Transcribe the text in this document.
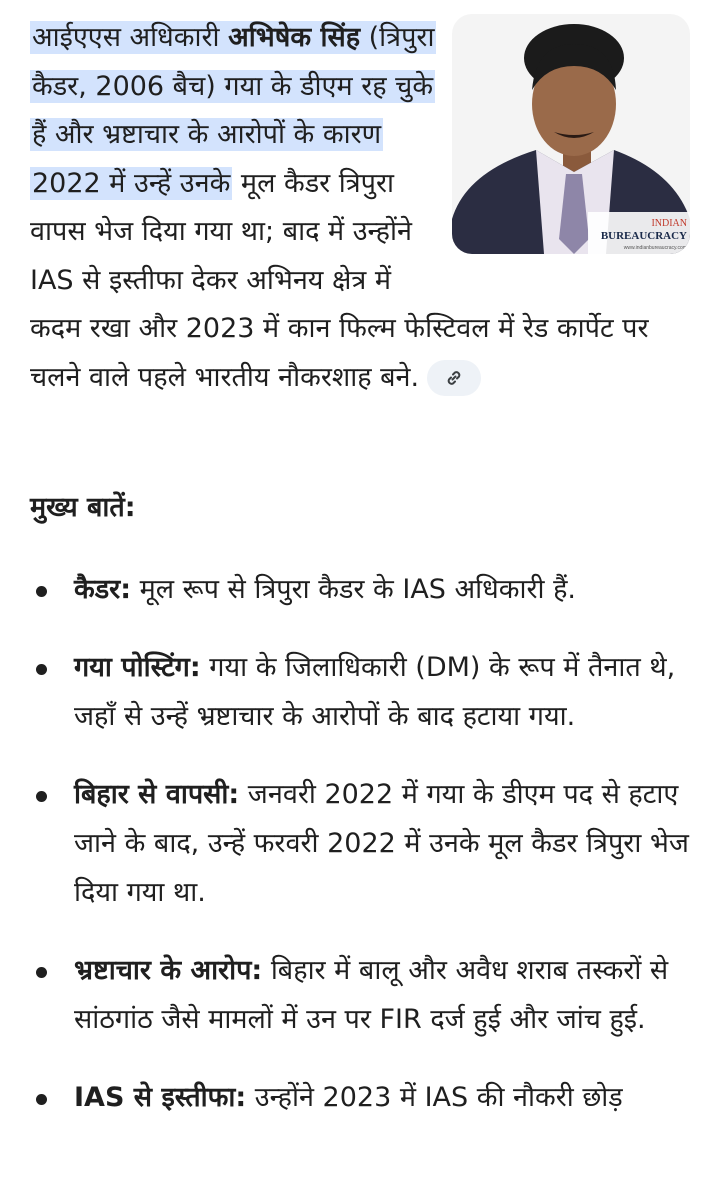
INDIAN
BUREAUCRACY
www.indianbureaucracy.com
आईएएस अधिकारी अभिषेक सिंह (त्रिपुरा कैडर, 2006 बैच) गया के डीएम रह चुके हैं और भ्रष्टाचार के आरोपों के कारण 2022 में उन्हें उनके मूल कैडर त्रिपुरा वापस भेज दिया गया था; बाद में उन्होंने IAS से इस्तीफा देकर अभिनय क्षेत्र में कदम रखा और 2023 में कान फिल्म फेस्टिवल में रेड कार्पेट पर चलने वाले पहले भारतीय नौकरशाह बने.

मुख्य बातें:

कैडर: मूल रूप से त्रिपुरा कैडर के IAS अधिकारी हैं.
गया पोस्टिंग: गया के जिलाधिकारी (DM) के रूप में तैनात थे, जहाँ से उन्हें भ्रष्टाचार के आरोपों के बाद हटाया गया.
बिहार से वापसी: जनवरी 2022 में गया के डीएम पद से हटाए जाने के बाद, उन्हें फरवरी 2022 में उनके मूल कैडर त्रिपुरा भेज दिया गया था.
भ्रष्टाचार के आरोप: बिहार में बालू और अवैध शराब तस्करों से सांठगांठ जैसे मामलों में उन पर FIR दर्ज हुई और जांच हुई.
IAS से इस्तीफा: उन्होंने 2023 में IAS की नौकरी छोड़
